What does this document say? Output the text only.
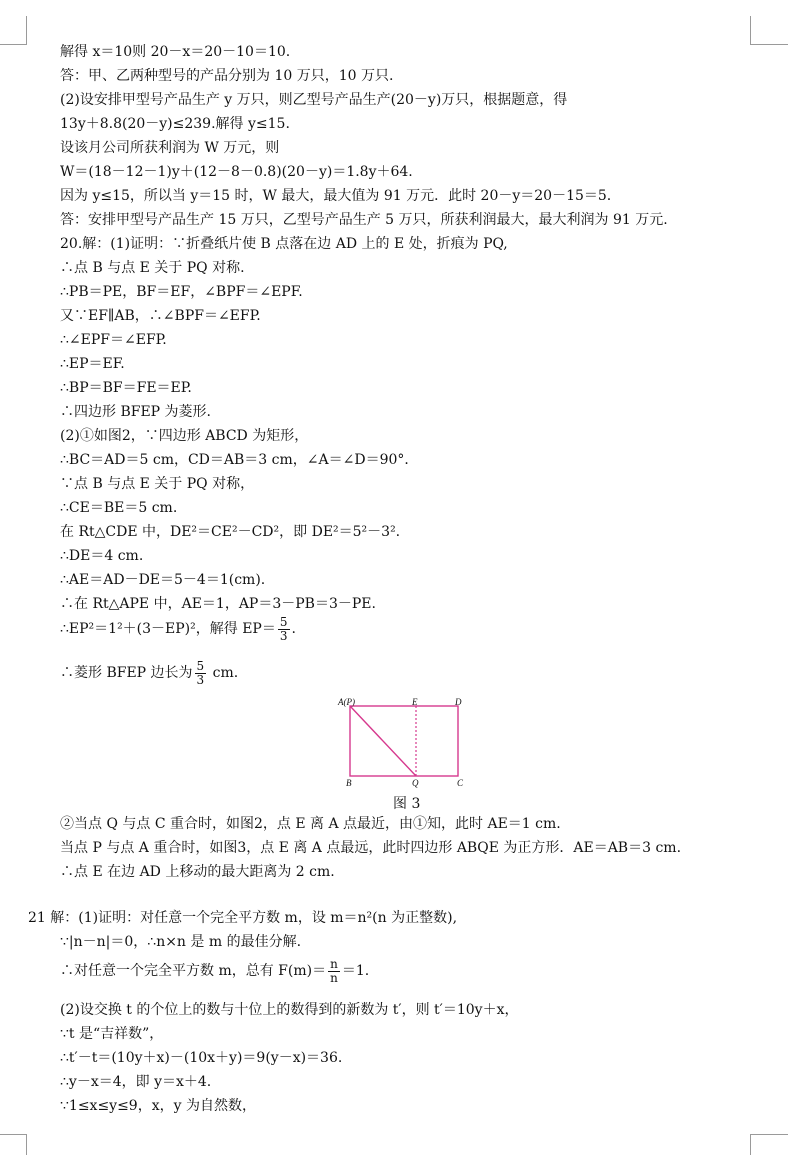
解得 x＝10则 20－x＝20－10＝10.
答：甲、乙两种型号的产品分别为 10 万只，10 万只.
(2)设安排甲型号产品生产 y 万只，则乙型号产品生产(20－y)万只，根据题意，得
13y＋8.8(20－y)≤239.解得 y≤15.
设该月公司所获利润为 W 万元，则
W＝(18－12－1)y＋(12－8－0.8)(20－y)＝1.8y＋64.
因为 y≤15，所以当 y＝15 时，W 最大，最大值为 91 万元．此时 20－y＝20－15＝5.
答：安排甲型号产品生产 15 万只，乙型号产品生产 5 万只，所获利润最大，最大利润为 91 万元.
20.解：(1)证明：∵折叠纸片使 B 点落在边 AD 上的 E 处，折痕为 PQ,
∴点 B 与点 E 关于 PQ 对称.
∴PB＝PE，BF＝EF，∠BPF＝∠EPF.
又∵EF∥AB，∴∠BPF＝∠EFP.
∴∠EPF＝∠EFP.
∴EP＝EF.
∴BP＝BF＝FE＝EP.
∴四边形 BFEP 为菱形.
(2)①如图2，∵四边形 ABCD 为矩形，
∴BC＝AD＝5 cm，CD＝AB＝3 cm，∠A＝∠D＝90°．
∵点 B 与点 E 关于 PQ 对称，
∴CE＝BE＝5 cm.
在 Rt△CDE 中，DE²＝CE²－CD²，即 DE²＝5²－3².
∴DE＝4 cm.
∴AE＝AD－DE＝5－4＝1(cm).
∴在 Rt△APE 中，AE＝1，AP＝3－PB＝3－PE.
∴EP²＝1²＋(3－EP)²，解得 $EP= \frac{5}{3}$ .
∴菱形 BFEP 边长为 $\frac{5}{3}$ cm.
A(P)	E	D
B	Q	C
图 3
②当点 Q 与点 C 重合时，如图2，点 E 离 A 点最近，由①知，此时 AE＝1 cm.
当点 P 与点 A 重合时，如图3，点 E 离 A 点最远，此时四边形 ABQE 为正方形．AE＝AB＝3 cm.
∴点 E 在边 AD 上移动的最大距离为 2 cm.
21 解：(1)证明：对任意一个完全平方数 m，设 m＝n²(n 为正整数),
∵|n－n|＝0，∴n×n 是 m 的最佳分解.
∴对任意一个完全平方数 m，总有 $F(m)= \frac{n}{n} =1$.
(2)设交换 t 的个位上的数与十位上的数得到的新数为 t′，则 t′＝10y＋x，
∵t 是“吉祥数”，
∴t′－t＝(10y＋x)－(10x＋y)＝9(y－x)＝36.
∴y－x＝4，即 y＝x＋4.
∵1≤x≤y≤9，x，y 为自然数，
